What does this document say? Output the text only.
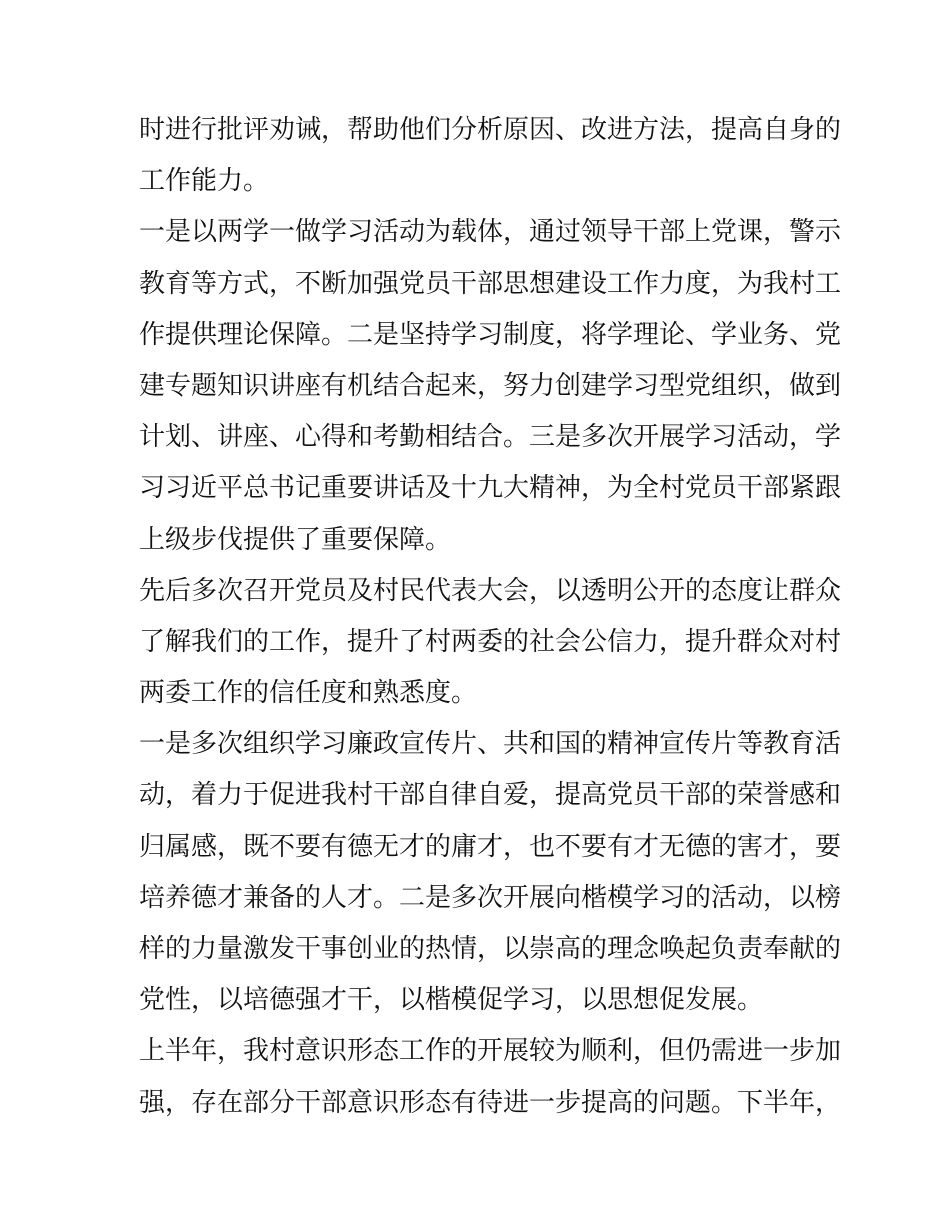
时进行批评劝诫，帮助他们分析原因、改进方法，提高自身的
工作能力。
一是以两学一做学习活动为载体，通过领导干部上党课，警示
教育等方式，不断加强党员干部思想建设工作力度，为我村工
作提供理论保障。二是坚持学习制度，将学理论、学业务、党
建专题知识讲座有机结合起来，努力创建学习型党组织，做到
计划、讲座、心得和考勤相结合。三是多次开展学习活动，学
习习近平总书记重要讲话及十九大精神，为全村党员干部紧跟
上级步伐提供了重要保障。
先后多次召开党员及村民代表大会，以透明公开的态度让群众
了解我们的工作，提升了村两委的社会公信力，提升群众对村
两委工作的信任度和熟悉度。
一是多次组织学习廉政宣传片、共和国的精神宣传片等教育活
动，着力于促进我村干部自律自爱，提高党员干部的荣誉感和
归属感，既不要有德无才的庸才，也不要有才无德的害才，要
培养德才兼备的人才。二是多次开展向楷模学习的活动，以榜
样的力量激发干事创业的热情，以崇高的理念唤起负责奉献的
党性，以培德强才干，以楷模促学习，以思想促发展。
上半年，我村意识形态工作的开展较为顺利，但仍需进一步加
强，存在部分干部意识形态有待进一步提高的问题。下半年，
